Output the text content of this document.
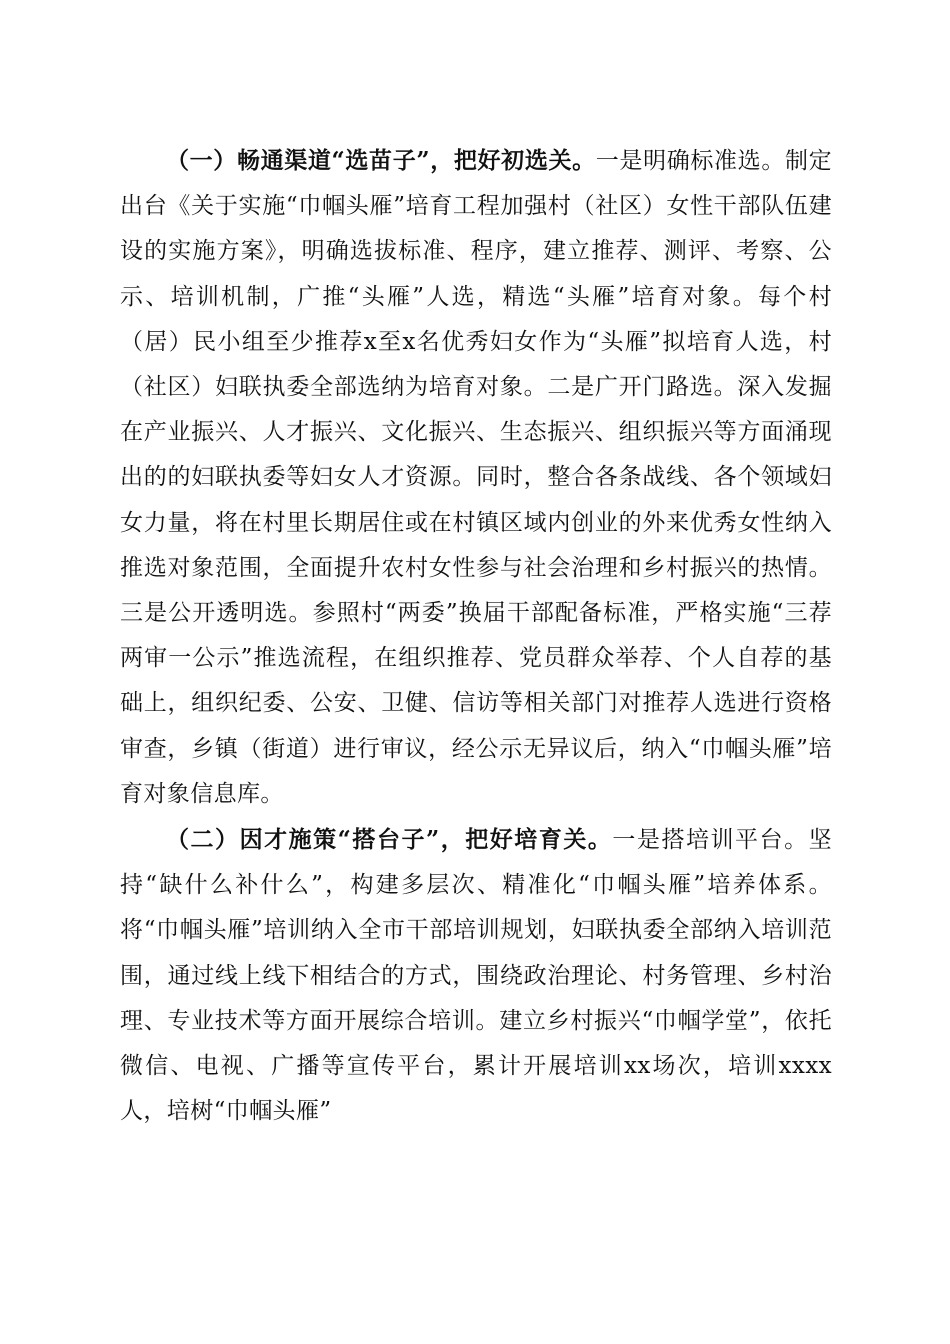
（一）畅通渠道“选苗子”，把好初选关。一是明确标准选。制定出台《关于实施“巾帼头雁”培育工程加强村（社区）女性干部队伍建设的实施方案》，明确选拔标准、程序，建立推荐、测评、考察、公示、培训机制，广推“头雁”人选，精选“头雁”培育对象。每个村（居）民小组至少推荐x至x名优秀妇女作为“头雁”拟培育人选，村（社区）妇联执委全部选纳为培育对象。二是广开门路选。深入发掘在产业振兴、人才振兴、文化振兴、生态振兴、组织振兴等方面涌现出的的妇联执委等妇女人才资源。同时，整合各条战线、各个领域妇女力量，将在村里长期居住或在村镇区域内创业的外来优秀女性纳入推选对象范围，全面提升农村女性参与社会治理和乡村振兴的热情。三是公开透明选。参照村“两委”换届干部配备标准，严格实施“三荐两审一公示”推选流程，在组织推荐、党员群众举荐、个人自荐的基础上，组织纪委、公安、卫健、信访等相关部门对推荐人选进行资格审查，乡镇（街道）进行审议，经公示无异议后，纳入“巾帼头雁”培育对象信息库。

（二）因才施策“搭台子”，把好培育关。一是搭培训平台。坚持“缺什么补什么”，构建多层次、精准化“巾帼头雁”培养体系。将“巾帼头雁”培训纳入全市干部培训规划，妇联执委全部纳入培训范围，通过线上线下相结合的方式，围绕政治理论、村务管理、乡村治理、专业技术等方面开展综合培训。建立乡村振兴“巾帼学堂”，依托微信、电视、广播等宣传平台，累计开展培训xx场次，培训xxxx人，培树“巾帼头雁”
